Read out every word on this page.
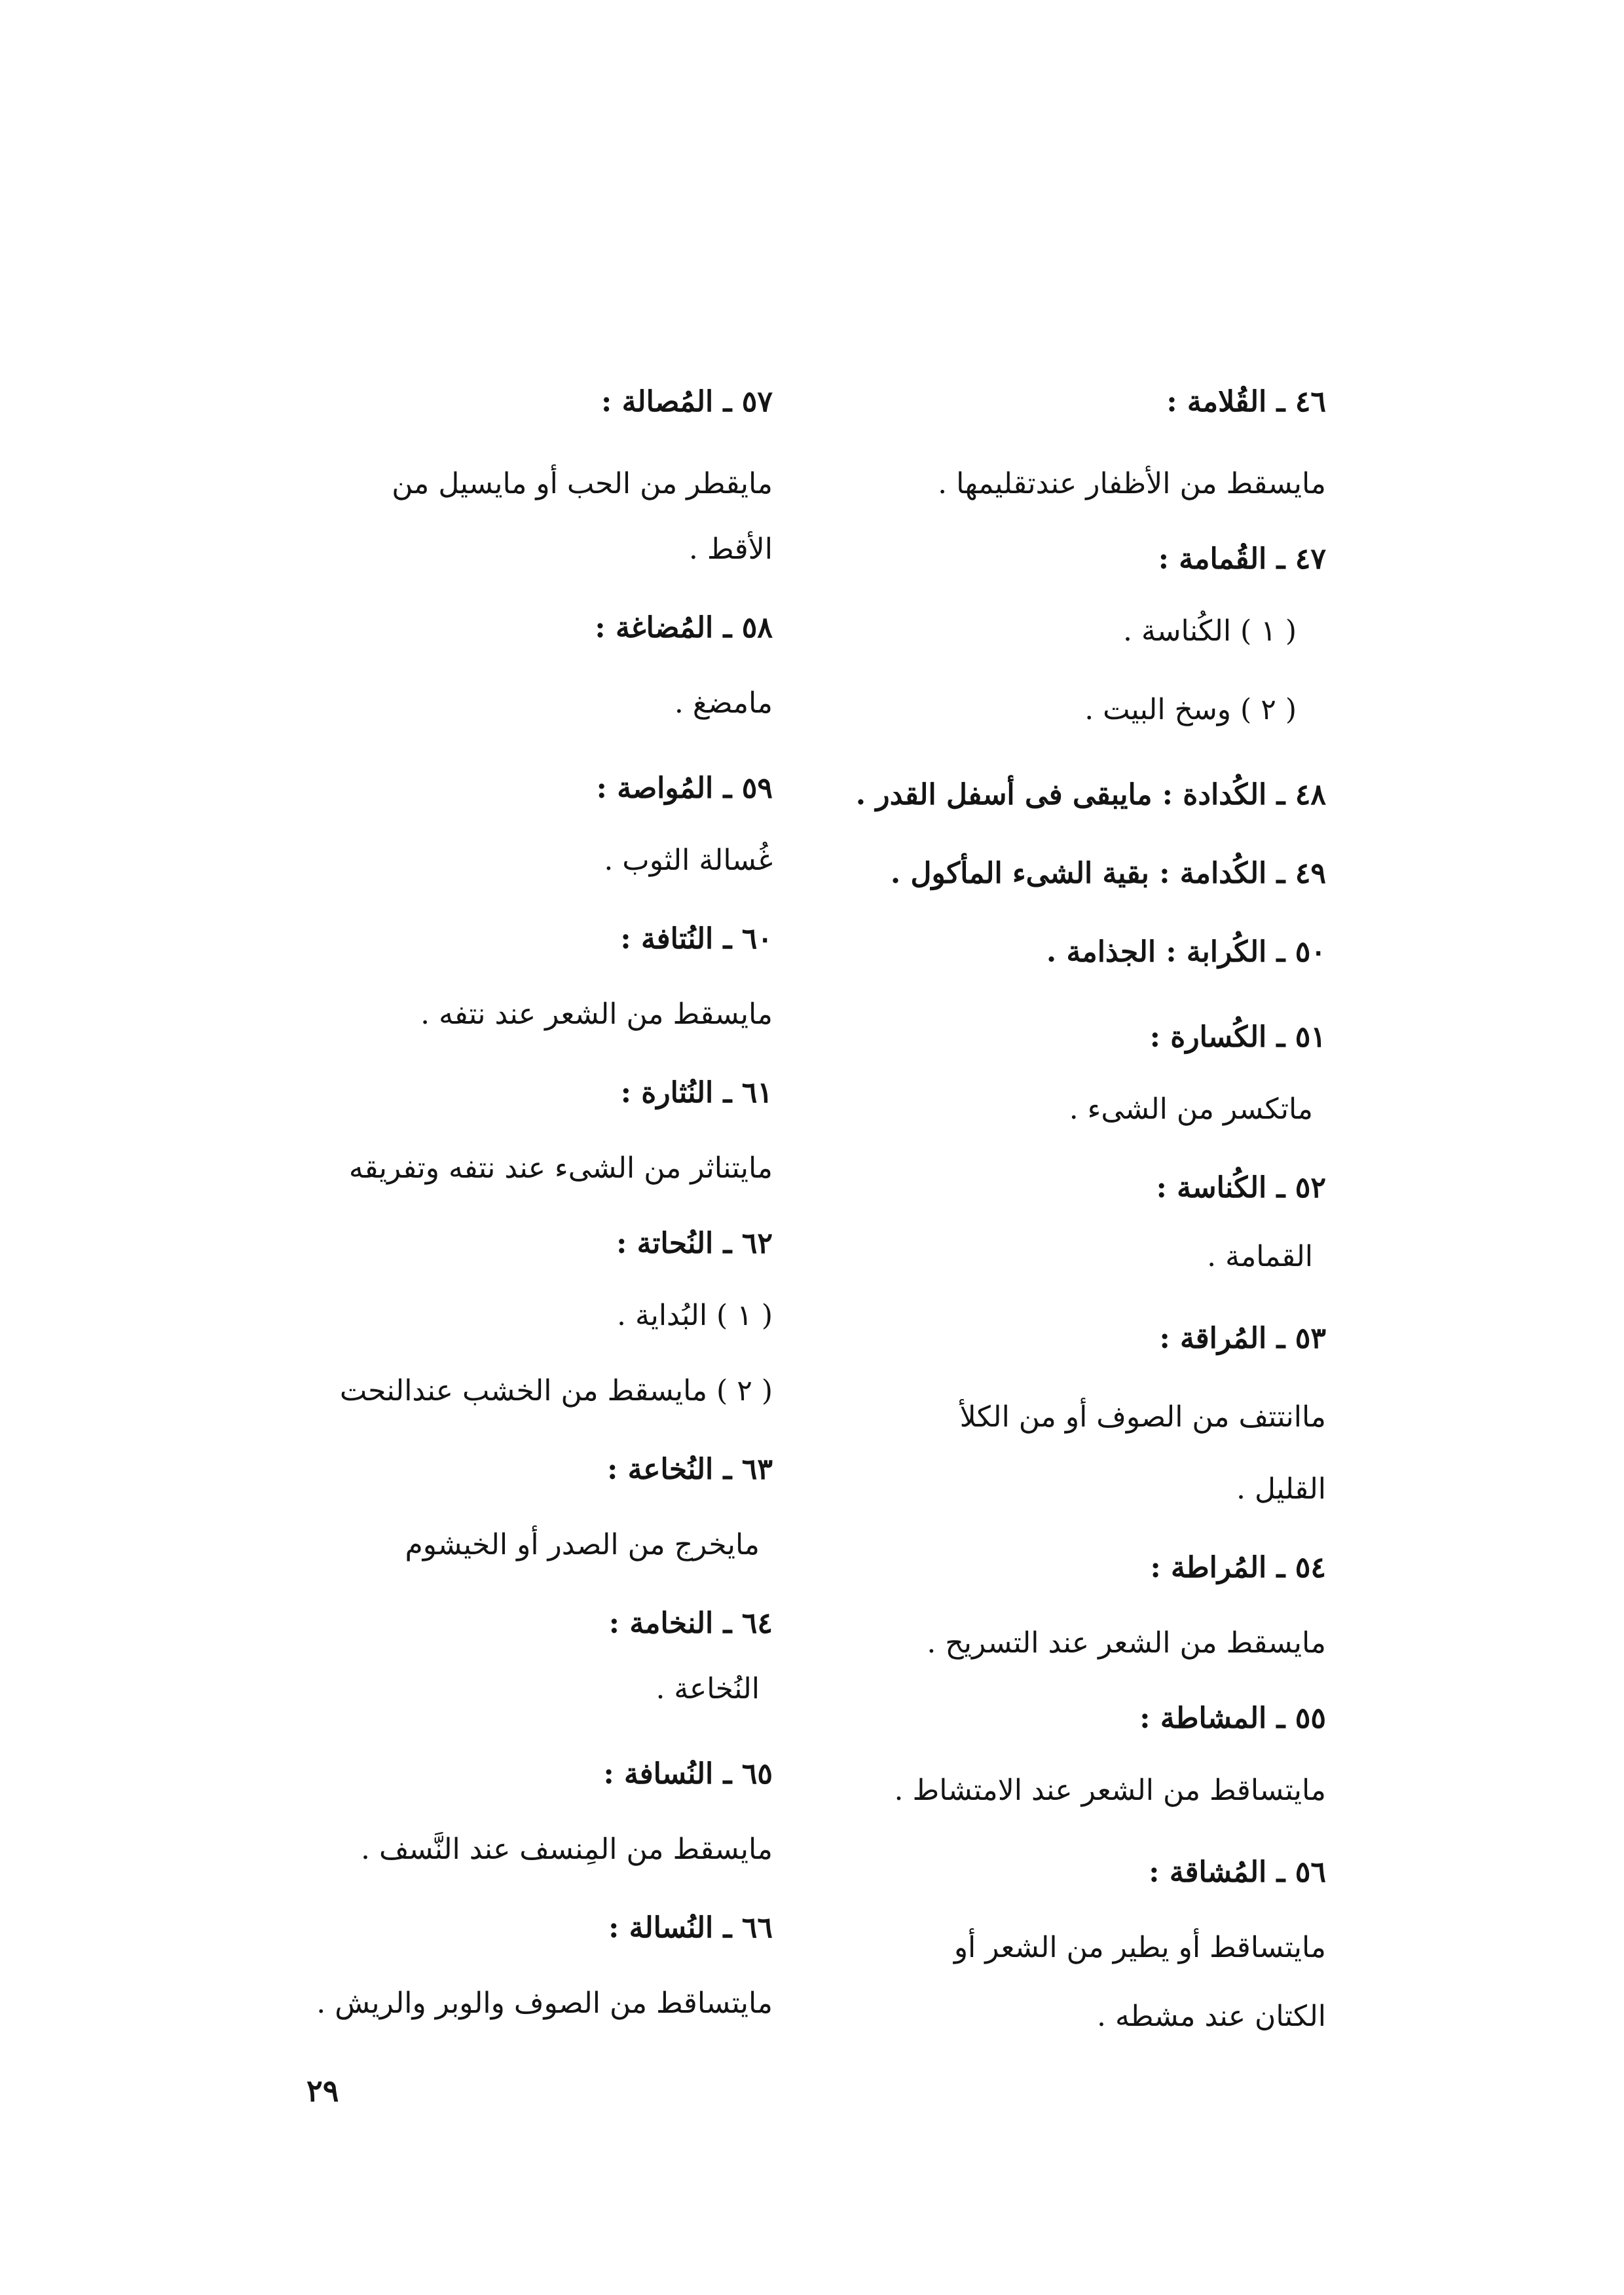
٤٦ ـ القُلامة :
مايسقط من الأظفار عندتقليمها .
٤٧ ـ القُمامة :
( ١ ) الكُناسة .
( ٢ ) وسخ البيت .
٤٨ ـ الكُدادة : مايبقى فى أسفل القدر .
٤٩ ـ الكُدامة : بقية الشىء المأكول .
٥٠ ـ الكُرابة : الجذامة .
٥١ ـ الكُسارة :
ماتكسر من الشىء .
٥٢ ـ الكُناسة :
القمامة .
٥٣ ـ المُراقة :
ماانتتف من الصوف أو من الكلأ
القليل .
٥٤ ـ المُراطة :
مايسقط من الشعر عند التسريح .
٥٥ ـ المشاطة :
مايتساقط من الشعر عند الامتشاط .
٥٦ ـ المُشاقة :
مايتساقط أو يطير من الشعر أو
الكتان عند مشطه .
٥٧ ـ المُصالة :
مايقطر من الحب أو مايسيل من
الأقط .
٥٨ ـ المُضاغة :
مامضغ .
٥٩ ـ المُواصة :
غُسالة الثوب .
٦٠ ـ النُتافة :
مايسقط من الشعر عند نتفه .
٦١ ـ النُثارة :
مايتناثر من الشىء عند نتفه وتفريقه
٦٢ ـ النُحاتة :
( ١ ) البُداية .
( ٢ ) مايسقط من الخشب عندالنحت
٦٣ ـ النُخاعة :
مايخرج من الصدر أو الخيشوم
٦٤ ـ النخامة :
النُخاعة .
٦٥ ـ النُسافة :
مايسقط من المِنسف عند النَّسف .
٦٦ ـ النُسالة :
مايتساقط من الصوف والوبر والريش .
٢٩
